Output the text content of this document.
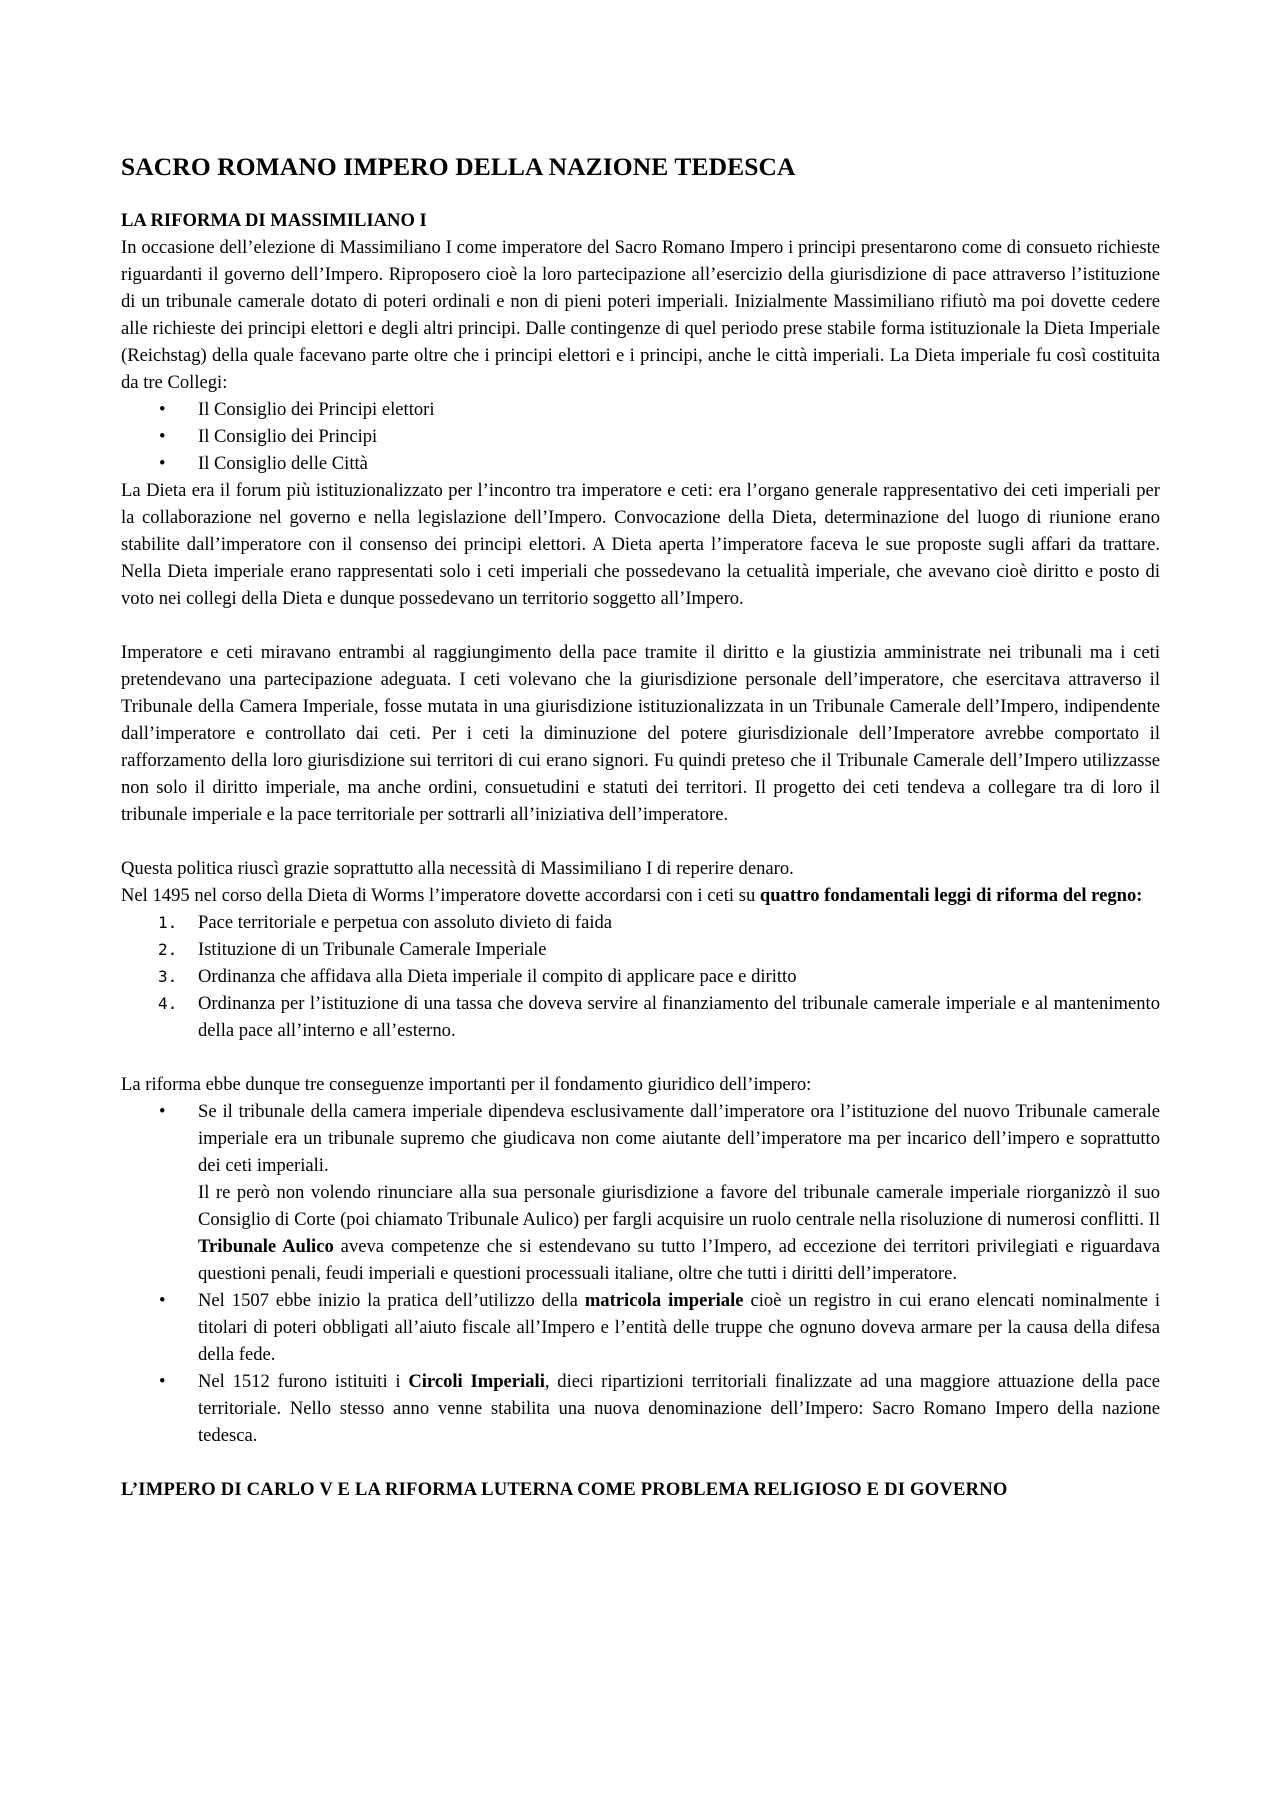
SACRO ROMANO IMPERO DELLA NAZIONE TEDESCA
LA RIFORMA DI MASSIMILIANO I

In occasione dell’elezione di Massimiliano I come imperatore del Sacro Romano Impero i principi presentarono come di consueto richieste riguardanti il governo dell’Impero. Riproposero cioè la loro partecipazione all’esercizio della giurisdizione di pace attraverso l’istituzione di un tribunale camerale dotato di poteri ordinali e non di pieni poteri imperiali. Inizialmente Massimiliano rifiutò ma poi dovette cedere alle richieste dei principi elettori e degli altri principi. Dalle contingenze di quel periodo prese stabile forma istituzionale la Dieta Imperiale (Reichstag) della quale facevano parte oltre che i principi elettori e i principi, anche le città imperiali. La Dieta imperiale fu così costituita da tre Collegi:

• Il Consiglio dei Principi elettori
• Il Consiglio dei Principi
• Il Consiglio delle Città

La Dieta era il forum più istituzionalizzato per l’incontro tra imperatore e ceti: era l’organo generale rappresentativo dei ceti imperiali per la collaborazione nel governo e nella legislazione dell’Impero. Convocazione della Dieta, determinazione del luogo di riunione erano stabilite dall’imperatore con il consenso dei principi elettori. A Dieta aperta l’imperatore faceva le sue proposte sugli affari da trattare. Nella Dieta imperiale erano rappresentati solo i ceti imperiali che possedevano la cetualità imperiale, che avevano cioè diritto e posto di voto nei collegi della Dieta e dunque possedevano un territorio soggetto all’Impero.

Imperatore e ceti miravano entrambi al raggiungimento della pace tramite il diritto e la giustizia amministrate nei tribunali ma i ceti pretendevano una partecipazione adeguata. I ceti volevano che la giurisdizione personale dell’imperatore, che esercitava attraverso il Tribunale della Camera Imperiale, fosse mutata in una giurisdizione istituzionalizzata in un Tribunale Camerale dell’Impero, indipendente dall’imperatore e controllato dai ceti. Per i ceti la diminuzione del potere giurisdizionale dell’Imperatore avrebbe comportato il rafforzamento della loro giurisdizione sui territori di cui erano signori. Fu quindi preteso che il Tribunale Camerale dell’Impero utilizzasse non solo il diritto imperiale, ma anche ordini, consuetudini e statuti dei territori. Il progetto dei ceti tendeva a collegare tra di loro il tribunale imperiale e la pace territoriale per sottrarli all’iniziativa dell’imperatore.

Questa politica riuscì grazie soprattutto alla necessità di Massimiliano I di reperire denaro.
Nel 1495 nel corso della Dieta di Worms l’imperatore dovette accordarsi con i ceti su quattro fondamentali leggi di riforma del regno:

1. Pace territoriale e perpetua con assoluto divieto di faida
2. Istituzione di un Tribunale Camerale Imperiale
3. Ordinanza che affidava alla Dieta imperiale il compito di applicare pace e diritto
4. Ordinanza per l’istituzione di una tassa che doveva servire al finanziamento del tribunale camerale imperiale e al mantenimento della pace all’interno e all’esterno.

La riforma ebbe dunque tre conseguenze importanti per il fondamento giuridico dell’impero:

• Se il tribunale della camera imperiale dipendeva esclusivamente dall’imperatore ora l’istituzione del nuovo Tribunale camerale imperiale era un tribunale supremo che giudicava non come aiutante dell’imperatore ma per incarico dell’impero e soprattutto dei ceti imperiali.
Il re però non volendo rinunciare alla sua personale giurisdizione a favore del tribunale camerale imperiale riorganizzò il suo Consiglio di Corte (poi chiamato Tribunale Aulico) per fargli acquisire un ruolo centrale nella risoluzione di numerosi conflitti. Il Tribunale Aulico aveva competenze che si estendevano su tutto l’Impero, ad eccezione dei territori privilegiati e riguardava questioni penali, feudi imperiali e questioni processuali italiane, oltre che tutti i diritti dell’imperatore.
• Nel 1507 ebbe inizio la pratica dell’utilizzo della matricola imperiale cioè un registro in cui erano elencati nominalmente i titolari di poteri obbligati all’aiuto fiscale all’Impero e l’entità delle truppe che ognuno doveva armare per la causa della difesa della fede.
• Nel 1512 furono istituiti i Circoli Imperiali, dieci ripartizioni territoriali finalizzate ad una maggiore attuazione della pace territoriale. Nello stesso anno venne stabilita una nuova denominazione dell’Impero: Sacro Romano Impero della nazione tedesca.
L’IMPERO DI CARLO V E LA RIFORMA LUTERNA COME PROBLEMA RELIGIOSO E DI GOVERNO
